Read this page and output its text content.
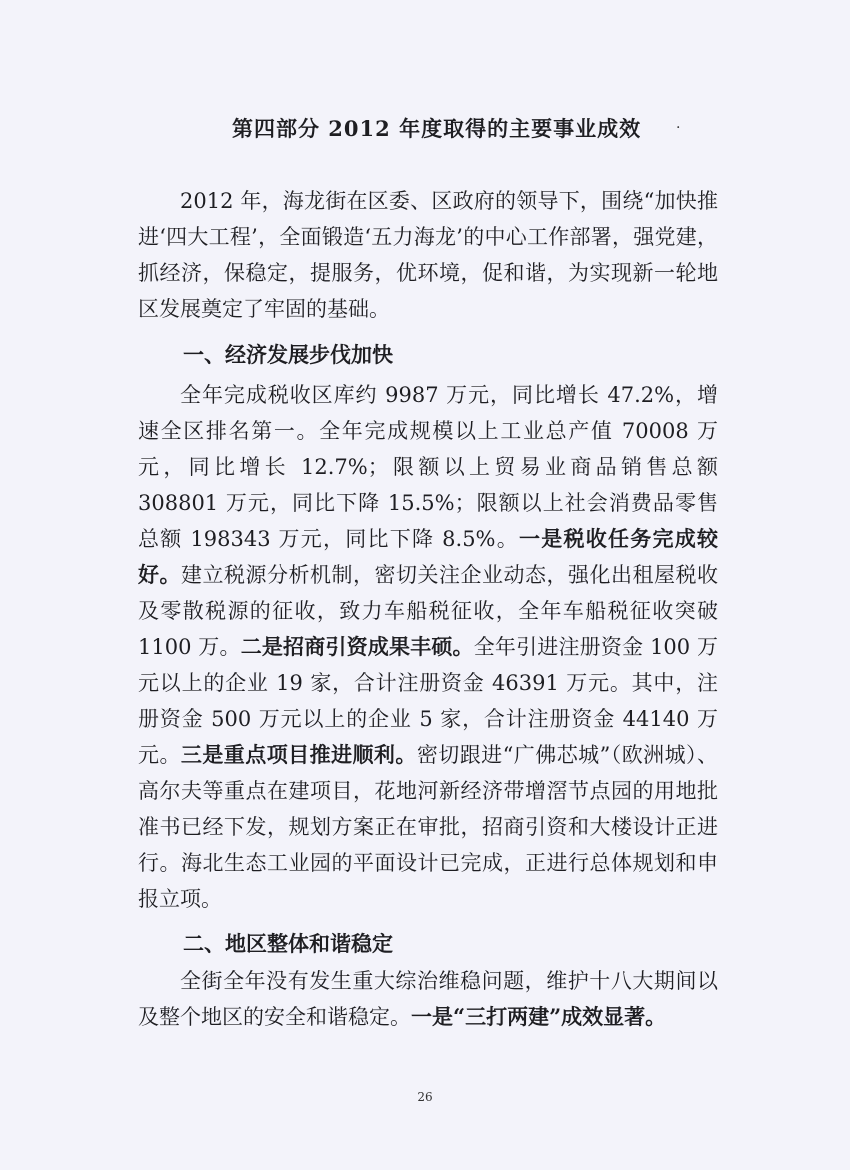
第四部分 2012 年度取得的主要事业成效 .

2012 年，海龙街在区委、区政府的领导下，围绕“加快推进‘四大工程’，全面锻造‘五力海龙’的中心工作部署，强党建，抓经济，保稳定，提服务，优环境，促和谐，为实现新一轮地区发展奠定了牢固的基础。

一、经济发展步伐加快

全年完成税收区库约 9987 万元，同比增长 47.2%，增速全区排名第一。全年完成规模以上工业总产值 70008 万元，同比增长 12.7%；限额以上贸易业商品销售总额 308801 万元，同比下降 15.5%；限额以上社会消费品零售总额 198343 万元，同比下降 8.5%。一是税收任务完成较好。建立税源分析机制，密切关注企业动态，强化出租屋税收及零散税源的征收，致力车船税征收，全年车船税征收突破 1100 万。二是招商引资成果丰硕。全年引进注册资金 100 万元以上的企业 19 家，合计注册资金 46391 万元。其中，注册资金 500 万元以上的企业 5 家，合计注册资金 44140 万元。三是重点项目推进顺利。密切跟进“广佛芯城”（欧洲城）、高尔夫等重点在建项目，花地河新经济带增滘节点园的用地批准书已经下发，规划方案正在审批，招商引资和大楼设计正进行。海北生态工业园的平面设计已完成，正进行总体规划和申报立项。

二、地区整体和谐稳定

全街全年没有发生重大综治维稳问题，维护十八大期间以及整个地区的安全和谐稳定。一是“三打两建”成效显著。

26
